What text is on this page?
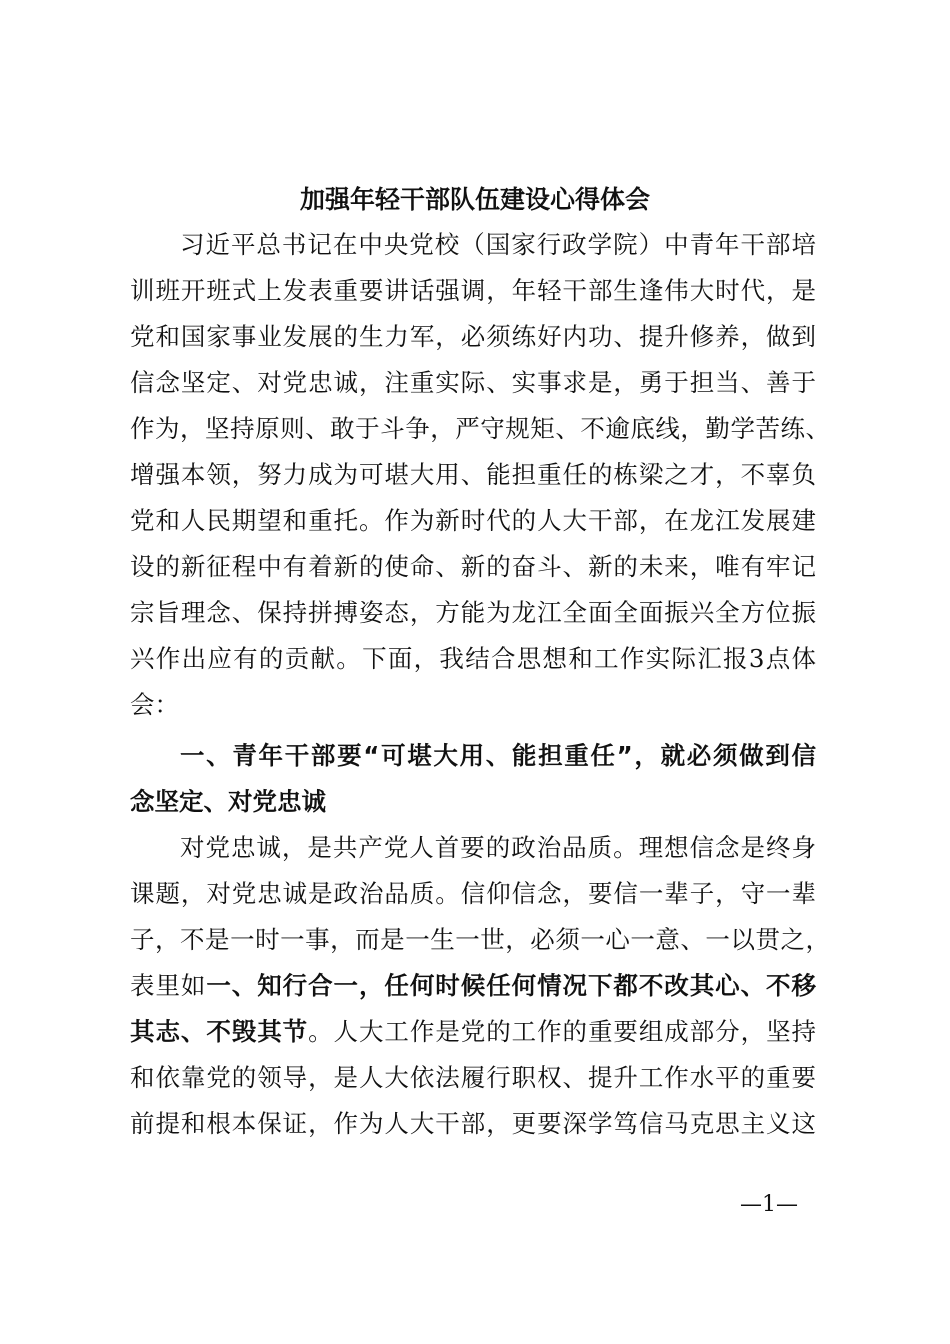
加强年轻干部队伍建设心得体会
习近平总书记在中央党校（国家行政学院）中青年干部培
训班开班式上发表重要讲话强调，年轻干部生逢伟大时代，是
党和国家事业发展的生力军，必须练好内功、提升修养，做到
信念坚定、对党忠诚，注重实际、实事求是，勇于担当、善于
作为，坚持原则、敢于斗争，严守规矩、不逾底线，勤学苦练、
增强本领，努力成为可堪大用、能担重任的栋梁之才，不辜负
党和人民期望和重托。作为新时代的人大干部，在龙江发展建
设的新征程中有着新的使命、新的奋斗、新的未来，唯有牢记
宗旨理念、保持拼搏姿态，方能为龙江全面全面振兴全方位振
兴作出应有的贡献。下面，我结合思想和工作实际汇报3点体
会：
一、青年干部要“可堪大用、能担重任”，就必须做到信
念坚定、对党忠诚
对党忠诚，是共产党人首要的政治品质。理想信念是终身
课题，对党忠诚是政治品质。信仰信念，要信一辈子，守一辈
子，不是一时一事，而是一生一世，必须一心一意、一以贯之，
表里如一、知行合一，任何时候任何情况下都不改其心、不移
其志、不毁其节。人大工作是党的工作的重要组成部分，坚持
和依靠党的领导，是人大依法履行职权、提升工作水平的重要
前提和根本保证，作为人大干部，更要深学笃信马克思主义这
—1—
